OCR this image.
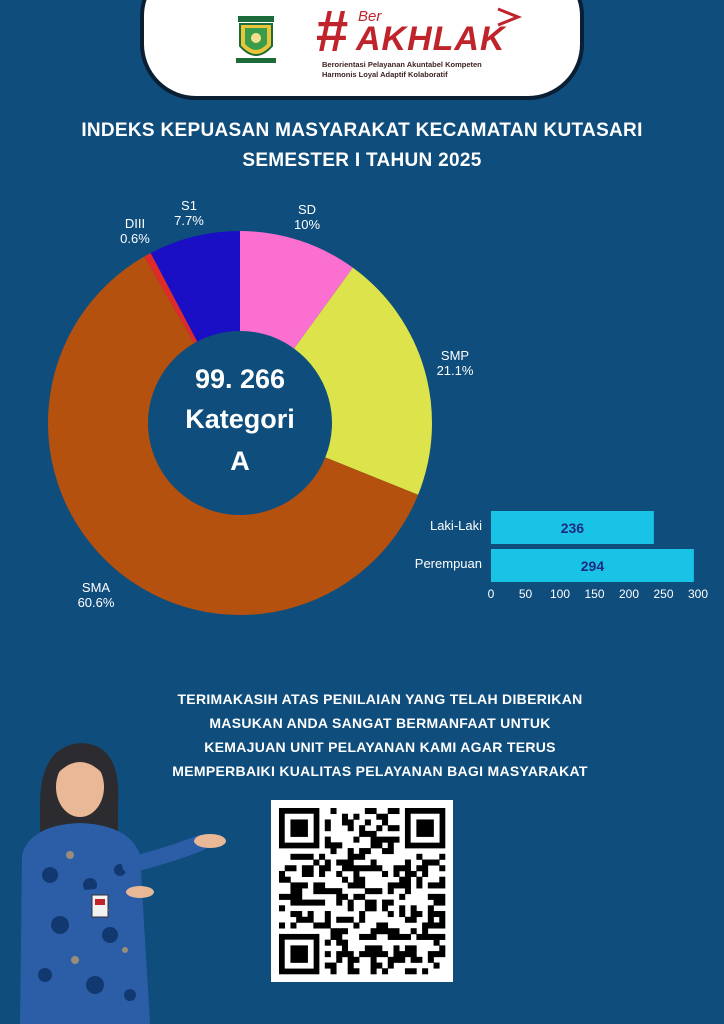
# Ber
AKHLAK
Berorientasi Pelayanan Akuntabel Kompeten
Harmonis Loyal Adaptif Kolaboratif
INDEKS KEPUASAN MASYARAKAT KECAMATAN KUTASARI
SEMESTER I TAHUN 2025
SD
10%
SMP
21.1%
SMA
60.6%
DIII
0.6%
S1
7.7%
99. 266
Kategori
A
236
294
Laki-Laki
Perempuan
0	50	100	150	200	250	300
TERIMAKASIH ATAS PENILAIAN YANG TELAH DIBERIKAN
MASUKAN ANDA SANGAT BERMANFAAT UNTUK
KEMAJUAN UNIT PELAYANAN KAMI AGAR TERUS
MEMPERBAIKI KUALITAS PELAYANAN BAGI MASYARAKAT
